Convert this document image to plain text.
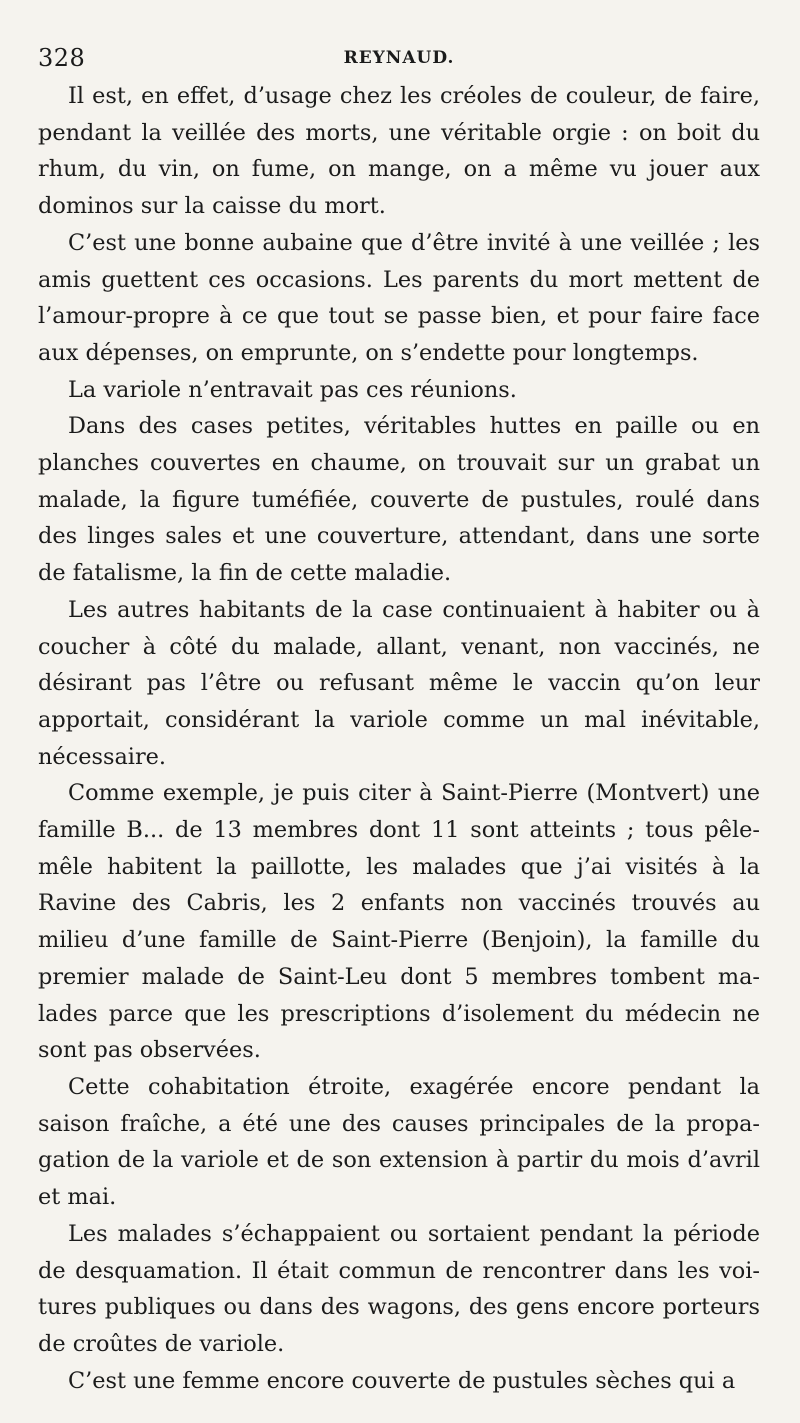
328	REYNAUD.

Il est, en effet, d’usage chez les créoles de couleur, de faire, pendant la veillée des morts, une véritable orgie : on boit du rhum, du vin, on fume, on mange, on a même vu jouer aux dominos sur la caisse du mort.

C’est une bonne aubaine que d’être invité à une veillée ; les amis guettent ces occasions. Les parents du mort mettent de l’amour-propre à ce que tout se passe bien, et pour faire face aux dépenses, on emprunte, on s’endette pour longtemps.

La variole n’entravait pas ces réunions.

Dans des cases petites, véritables huttes en paille ou en planches couvertes en chaume, on trouvait sur un grabat un malade, la figure tuméfiée, couverte de pustules, roulé dans des linges sales et une couverture, attendant, dans une sorte de fatalisme, la fin de cette maladie.

Les autres habitants de la case continuaient à habiter ou à coucher à côté du malade, allant, venant, non vaccinés, ne désirant pas l’être ou refusant même le vaccin qu’on leur apportait, considérant la variole comme un mal inévitable, nécessaire.

Comme exemple, je puis citer à Saint-Pierre (Montvert) une famille B... de 13 membres dont 11 sont atteints ; tous pêle-mêle habitent la paillotte, les malades que j’ai visités à la Ravine des Cabris, les 2 enfants non vaccinés trouvés au milieu d’une famille de Saint-Pierre (Benjoin), la famille du premier malade de Saint-Leu dont 5 membres tombent malades parce que les prescriptions d’isolement du médecin ne sont pas observées.

Cette cohabitation étroite, exagérée encore pendant la saison fraîche, a été une des causes principales de la propagation de la variole et de son extension à partir du mois d’avril et mai.

Les malades s’échappaient ou sortaient pendant la période de desquamation. Il était commun de rencontrer dans les voitures publiques ou dans des wagons, des gens encore porteurs de croûtes de variole.

C’est une femme encore couverte de pustules sèches qui a
